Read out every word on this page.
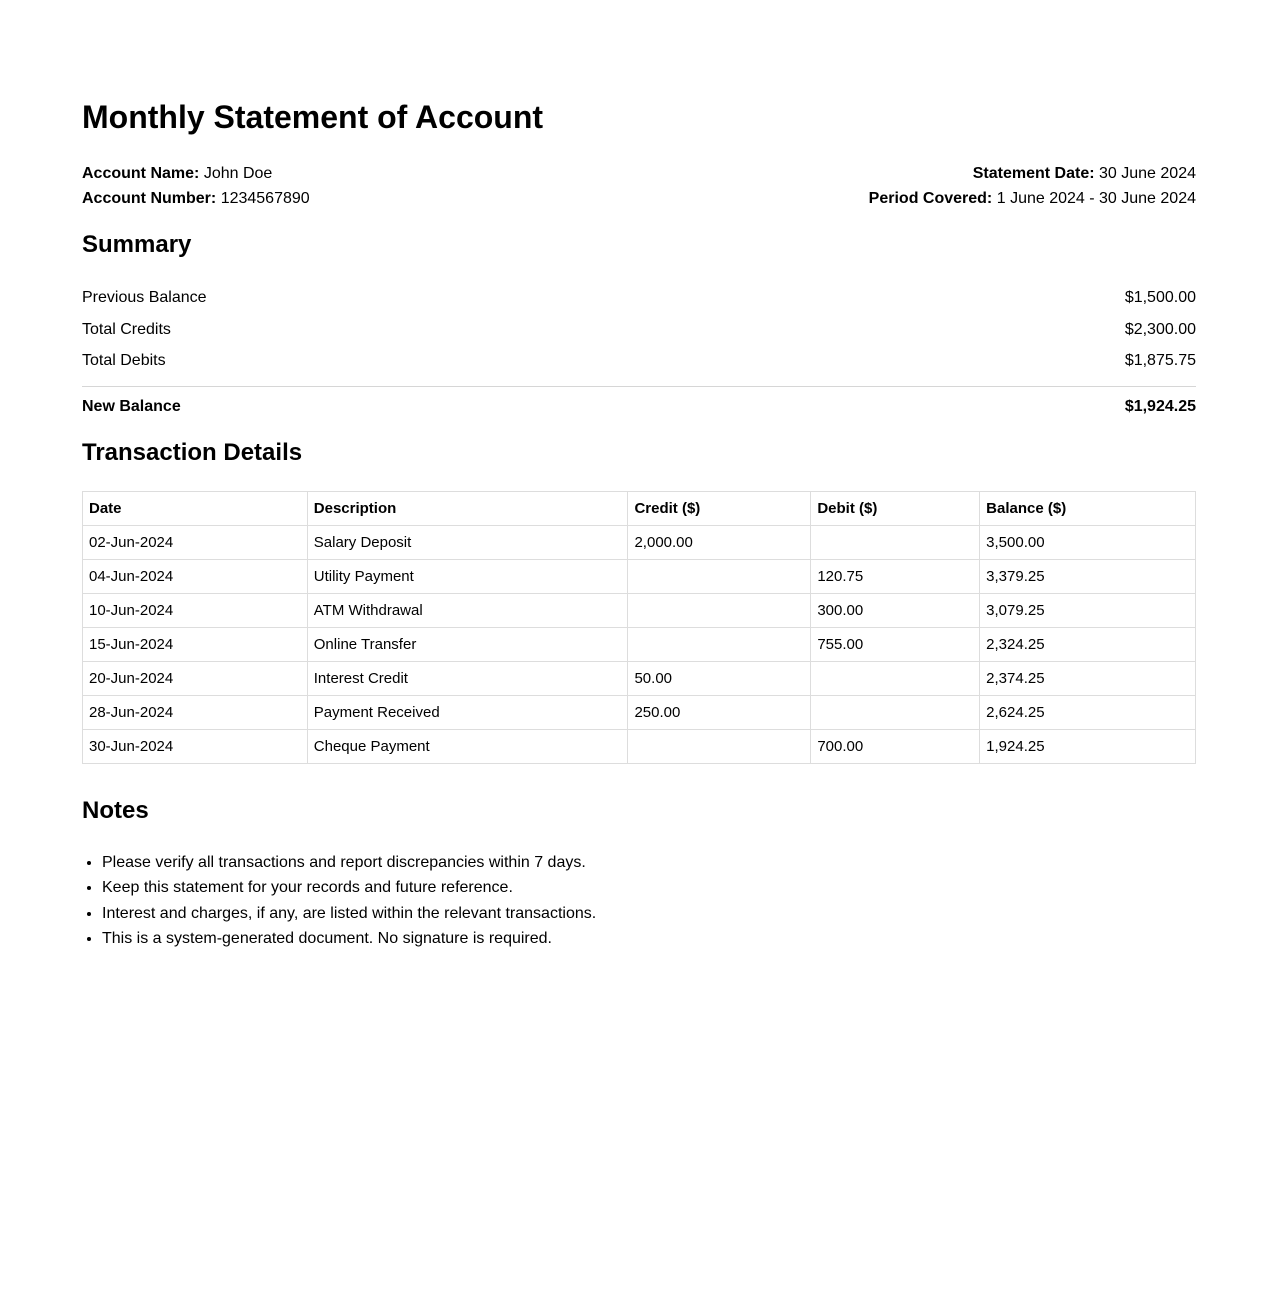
Monthly Statement of Account
Account Name: John Doe
Account Number: 1234567890
Statement Date: 30 June 2024
Period Covered: 1 June 2024 - 30 June 2024
Summary
Previous Balance	$1,500.00
Total Credits	$2,300.00
Total Debits	$1,875.75
New Balance	$1,924.25
Transaction Details
Date	Description	Credit ($)	Debit ($)	Balance ($)
02-Jun-2024	Salary Deposit	2,000.00		3,500.00
04-Jun-2024	Utility Payment		120.75	3,379.25
10-Jun-2024	ATM Withdrawal		300.00	3,079.25
15-Jun-2024	Online Transfer		755.00	2,324.25
20-Jun-2024	Interest Credit	50.00		2,374.25
28-Jun-2024	Payment Received	250.00		2,624.25
30-Jun-2024	Cheque Payment		700.00	1,924.25
Notes
• Please verify all transactions and report discrepancies within 7 days.
• Keep this statement for your records and future reference.
• Interest and charges, if any, are listed within the relevant transactions.
• This is a system-generated document. No signature is required.
